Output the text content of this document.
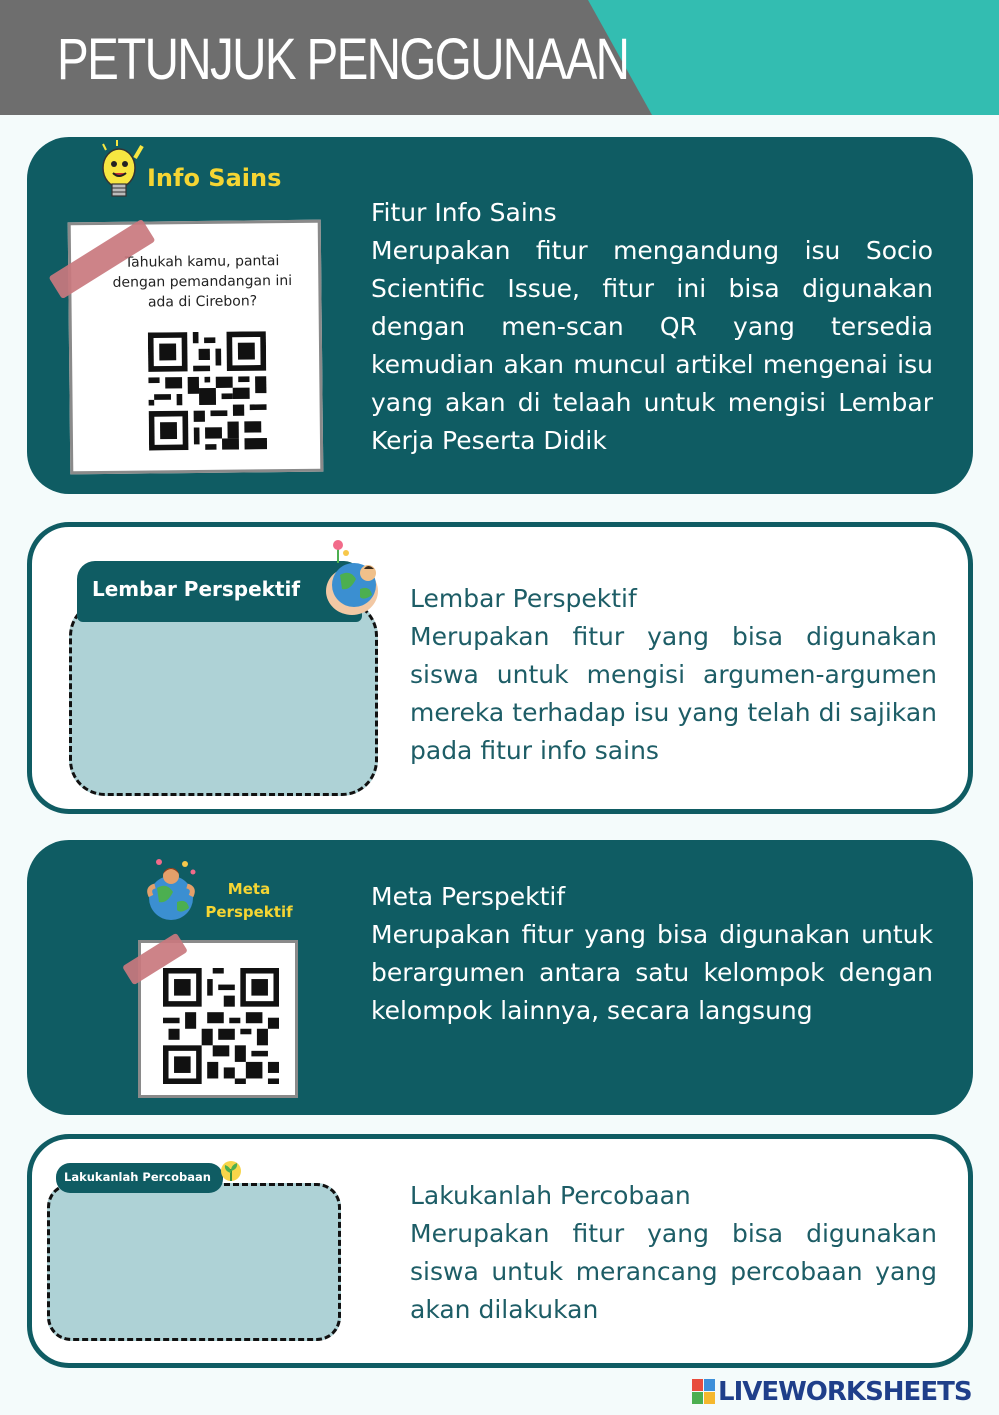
PETUNJUK PENGGUNAAN
Info Sains
Tahukah kamu, pantai dengan pemandangan ini ada di Cirebon?
Fitur Info Sains
Merupakan fitur mengandung isu Socio Scientific Issue, fitur ini bisa digunakan dengan men-scan QR yang tersedia kemudian akan muncul artikel mengenai isu yang akan di telaah untuk mengisi Lembar Kerja Peserta Didik
Lembar Perspektif	Lembar Perspektif
Merupakan fitur yang bisa digunakan siswa untuk mengisi argumen-argumen mereka terhadap isu yang telah di sajikan pada fitur info sains
Meta
Perspektif
Meta Perspektif
Merupakan fitur yang bisa digunakan untuk berargumen antara satu kelompok dengan kelompok lainnya, secara langsung
Lakukanlah Percobaan
Lakukanlah Percobaan
Merupakan fitur yang bisa digunakan siswa untuk merancang percobaan yang akan dilakukan
LIVEWORKSHEETS
